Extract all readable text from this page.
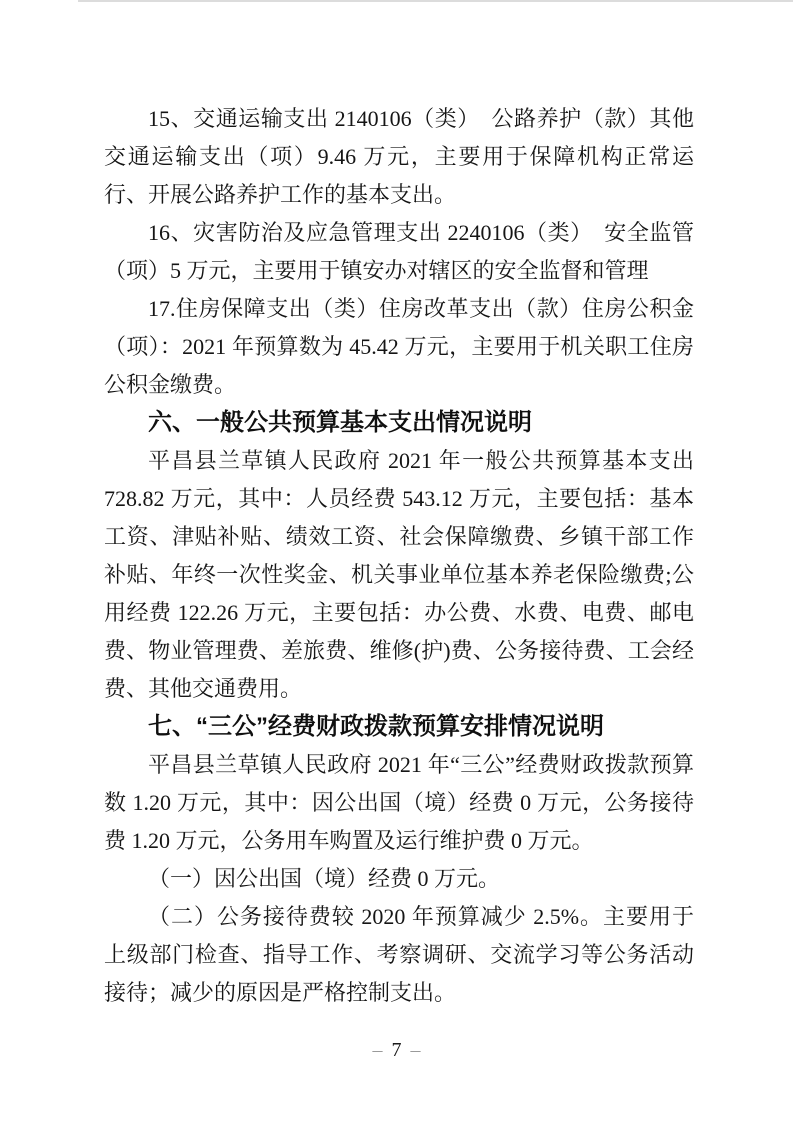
15、交通运输支出 2140106（类）　公路养护（款）其他交通运输支出（项）9.46 万元，主要用于保障机构正常运行、开展公路养护工作的基本支出。

16、灾害防治及应急管理支出 2240106（类）　安全监管（项）5 万元，主要用于镇安办对辖区的安全监督和管理

17.住房保障支出（类）住房改革支出（款）住房公积金（项）：2021 年预算数为 45.42 万元，主要用于机关职工住房公积金缴费。

六、一般公共预算基本支出情况说明

平昌县兰草镇人民政府 2021 年一般公共预算基本支出 728.82 万元，其中：人员经费 543.12 万元，主要包括：基本工资、津贴补贴、绩效工资、社会保障缴费、乡镇干部工作补贴、年终一次性奖金、机关事业单位基本养老保险缴费;公用经费 122.26 万元，主要包括：办公费、水费、电费、邮电费、物业管理费、差旅费、维修(护)费、公务接待费、工会经费、其他交通费用。

七、“三公”经费财政拨款预算安排情况说明

平昌县兰草镇人民政府 2021 年“三公”经费财政拨款预算数 1.20 万元，其中：因公出国（境）经费 0 万元，公务接待费 1.20 万元，公务用车购置及运行维护费 0 万元。

（一）因公出国（境）经费 0 万元。

（二）公务接待费较 2020 年预算减少 2.5%。主要用于上级部门检查、指导工作、考察调研、交流学习等公务活动接待；减少的原因是严格控制支出。

– 7 –
